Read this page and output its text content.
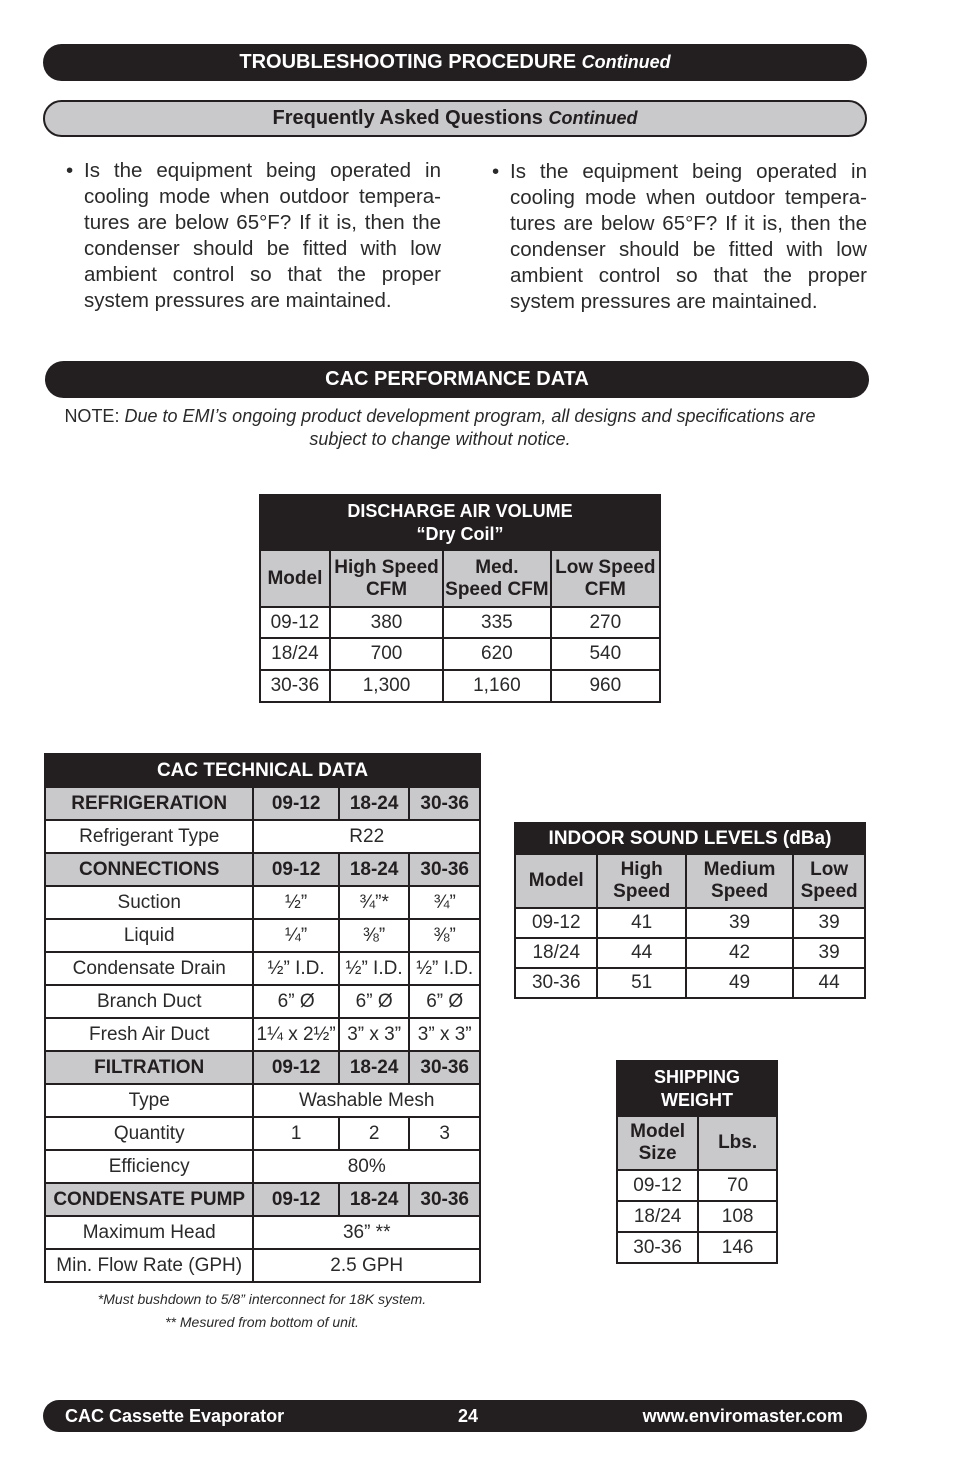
TROUBLESHOOTING PROCEDURE Continued
Frequently Asked Questions Continued
• Is the equipment being operated in cooling mode when outdoor tempera-tures are below 65°F? If it is, then the condenser should be fitted with low ambient control so that the proper system pressures are maintained.
• Is the equipment being operated in cooling mode when outdoor tempera-tures are below 65°F? If it is, then the condenser should be fitted with low ambient control so that the proper system pressures are maintained.
CAC PERFORMANCE DATA
NOTE: Due to EMI’s ongoing product development program, all designs and specifications are subject to change without notice.
DISCHARGE AIR VOLUME
“Dry Coil”			

Model	High Speed CFM	Med. Speed CFM	Low Speed CFM
09-12	380	335	270
18/24	700	620	540
30-36	1,300	1,160	960
CAC TECHNICAL DATA			
REFRIGERATION	09-12	18-24	30-36
Refrigerant Type	R22		
CONNECTIONS	09-12	18-24	30-36
Suction	½”	¾”*	¾”
Liquid	¼”	⅜”	⅜”
Condensate Drain	½” I.D.	½” I.D.	½” I.D.
Branch Duct	6” Ø	6” Ø	6” Ø
Fresh Air Duct	1¼ x 2½”	3” x 3”	3” x 3”
FILTRATION	09-12	18-24	30-36
Type	Washable Mesh		
Quantity	1	2	3
Efficiency	80%		
CONDENSATE PUMP	09-12	18-24	30-36
Maximum Head	36” **		
Min. Flow Rate (GPH)	2.5 GPH		
*Must bushdown to 5/8” interconnect for 18K system.
** Mesured from bottom of unit.
INDOOR SOUND LEVELS (dBa)			
Model	High Speed	Medium Speed	Low Speed
09-12	41	39	39
18/24	44	42	39
30-36	51	49	44
SHIPPING WEIGHT	
Model Size	Lbs.
09-12	70
18/24	108
30-36	146
CAC Cassette Evaporator	24	www.enviromaster.com
